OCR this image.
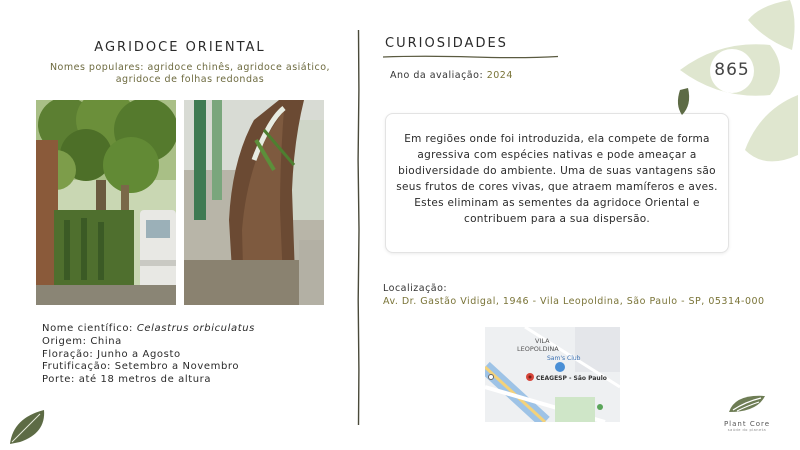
AGRIDOCE ORIENTAL
Nomes populares: agridoce chinês, agridoce asiático, agridoce de folhas redondas
Nome científico: Celastrus orbiculatus
Origem: China
Floração: Junho a Agosto
Frutificação: Setembro a Novembro
Porte: até 18 metros de altura
CURIOSIDADES
Ano da avaliação: 2024
Em regiões onde foi introduzida, ela compete de forma agressiva com espécies nativas e pode ameaçar a biodiversidade do ambiente. Uma de suas vantagens são seus frutos de cores vivas, que atraem mamíferos e aves. Estes eliminam as sementes da agridoce Oriental e contribuem para a sua dispersão.
Localização:
Av. Dr. Gastão Vidigal, 1946 - Vila Leopoldina, São Paulo - SP, 05314-000
VILA
LEOPOLDINA
Sam's Club
CEAGESP - São Paulo
865
Plant Core
saúde do planeta
